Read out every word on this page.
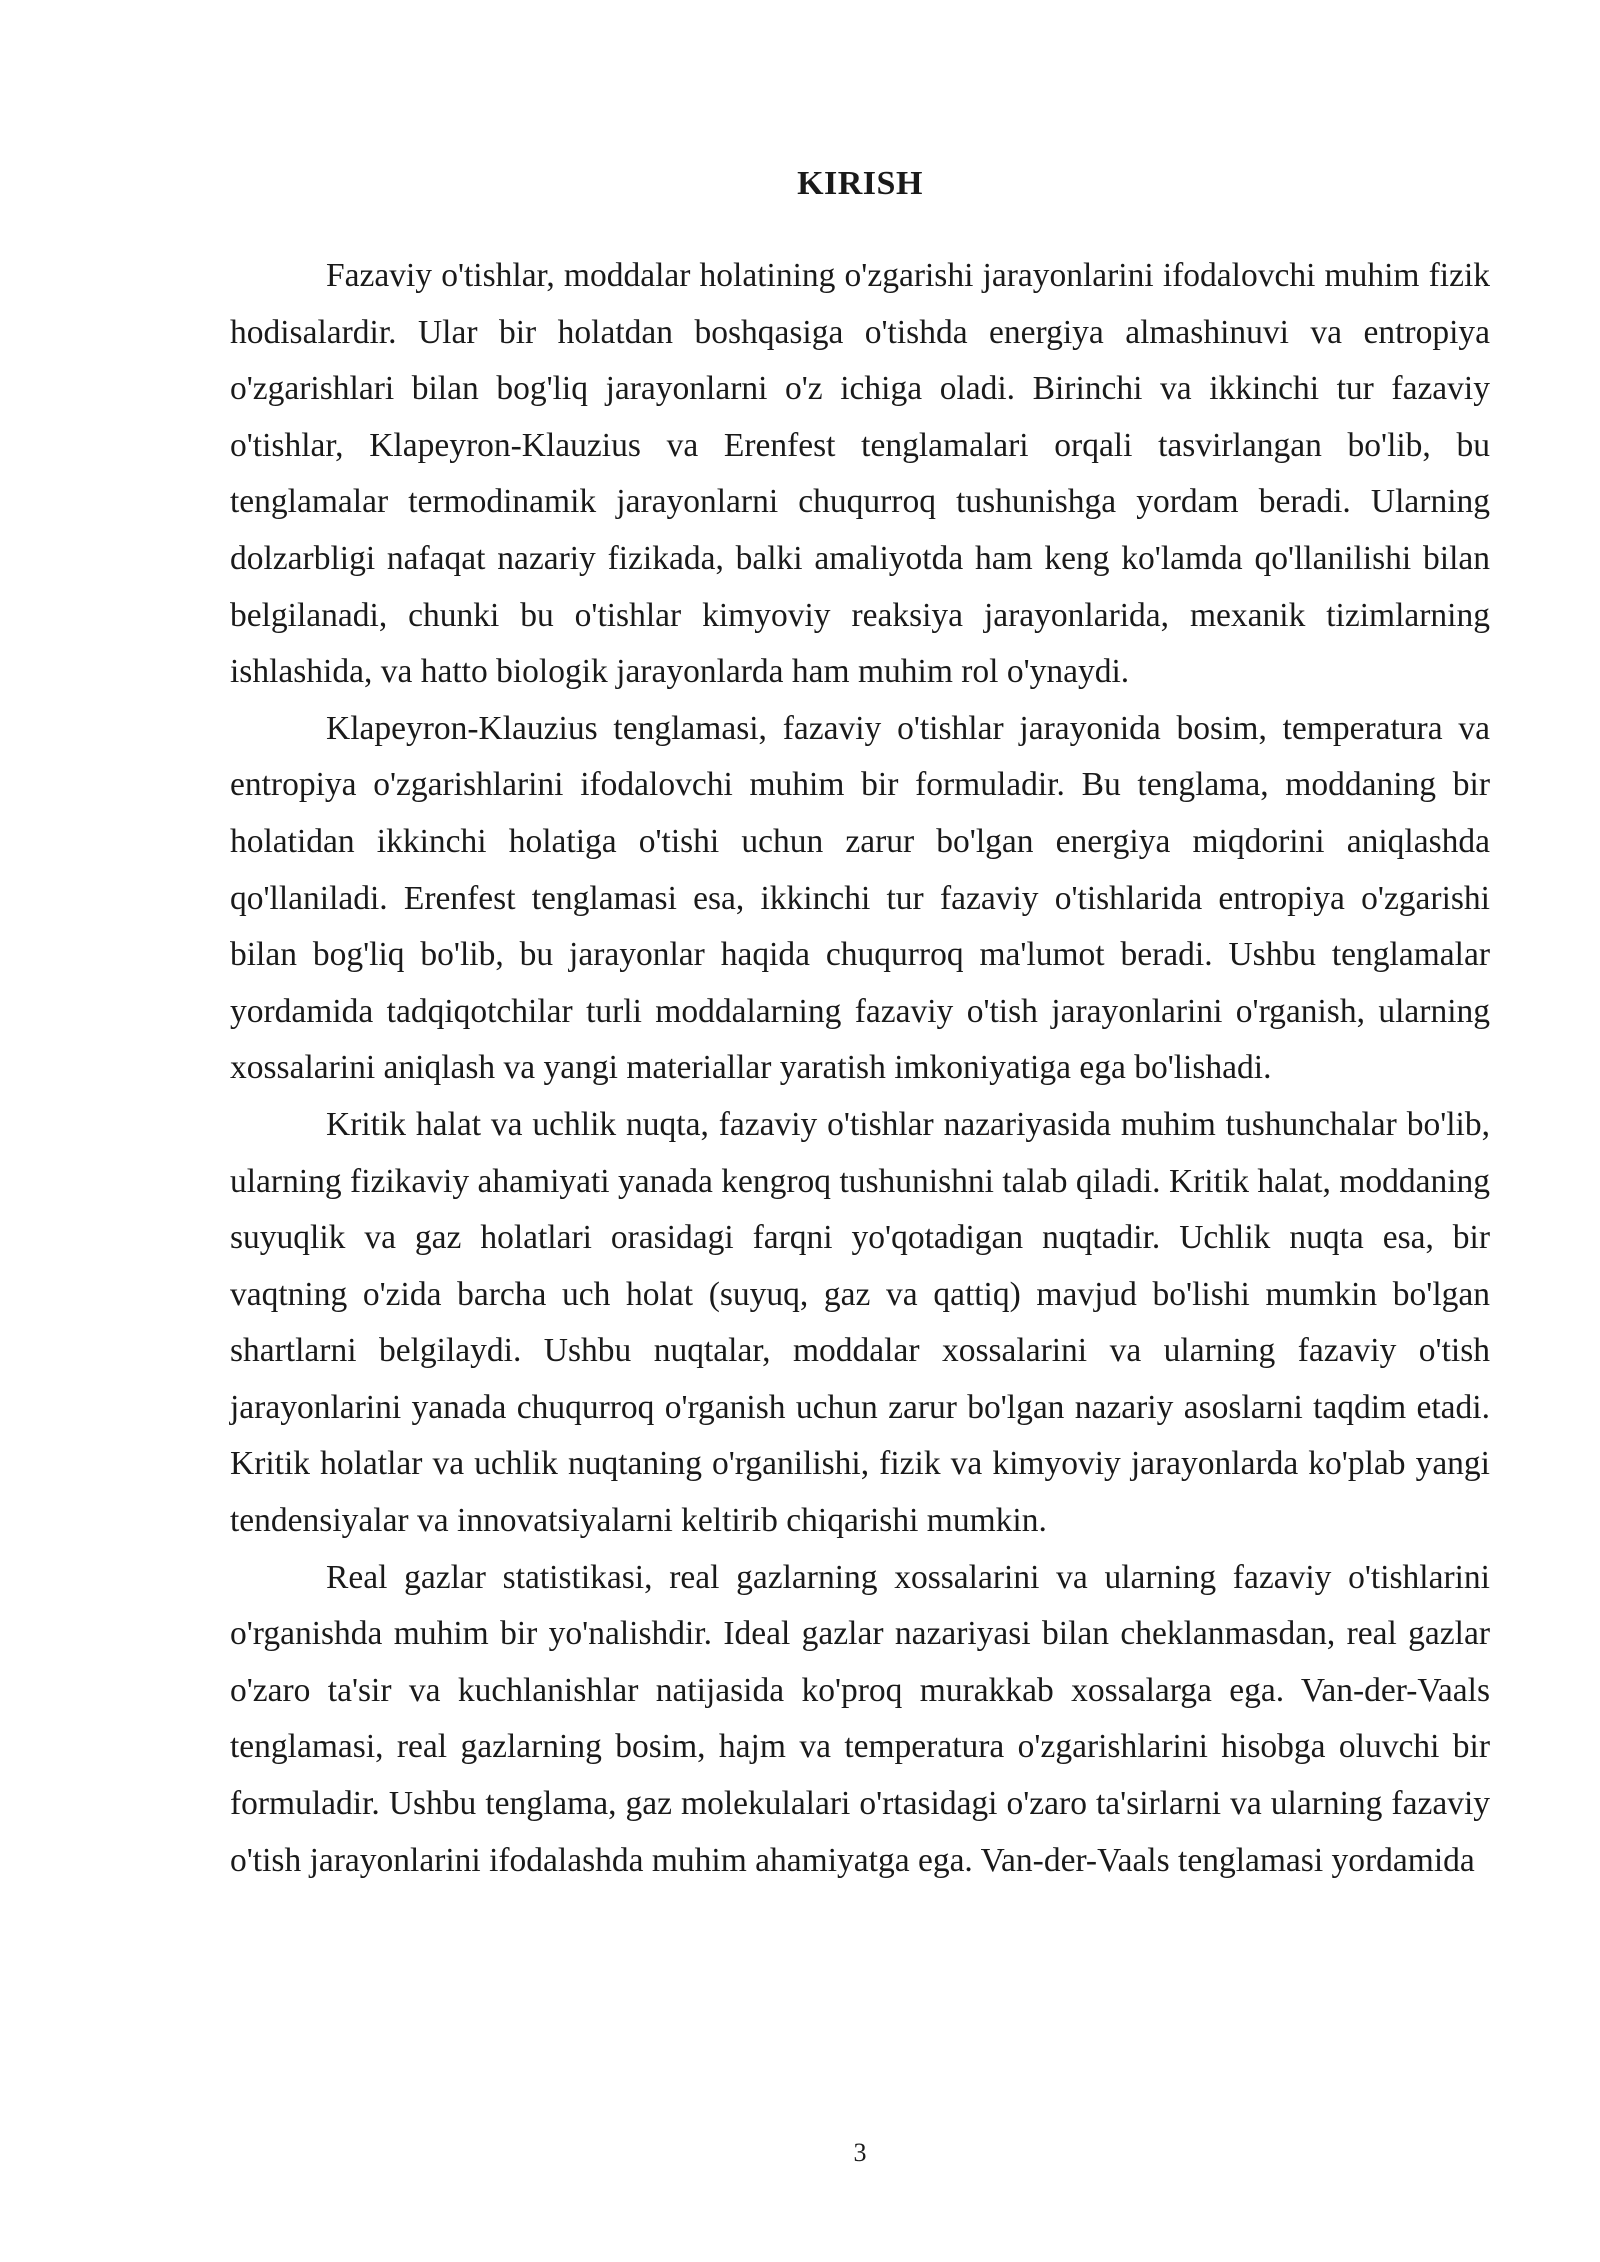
KIRISH

Fazaviy o'tishlar, moddalar holatining o'zgarishi jarayonlarini ifodalovchi muhim fizik hodisalardir. Ular bir holatdan boshqasiga o'tishda energiya almashinuvi va entropiya o'zgarishlari bilan bog'liq jarayonlarni o'z ichiga oladi. Birinchi va ikkinchi tur fazaviy o'tishlar, Klapeyron-Klauzius va Erenfest tenglamalari orqali tasvirlangan bo'lib, bu tenglamalar termodinamik jarayonlarni chuqurroq tushunishga yordam beradi. Ularning dolzarbligi nafaqat nazariy fizikada, balki amaliyotda ham keng ko'lamda qo'llanilishi bilan belgilanadi, chunki bu o'tishlar kimyoviy reaksiya jarayonlarida, mexanik tizimlarning ishlashida, va hatto biologik jarayonlarda ham muhim rol o'ynaydi.

Klapeyron-Klauzius tenglamasi, fazaviy o'tishlar jarayonida bosim, temperatura va entropiya o'zgarishlarini ifodalovchi muhim bir formuladir. Bu tenglama, moddaning bir holatidan ikkinchi holatiga o'tishi uchun zarur bo'lgan energiya miqdorini aniqlashda qo'llaniladi. Erenfest tenglamasi esa, ikkinchi tur fazaviy o'tishlarida entropiya o'zgarishi bilan bog'liq bo'lib, bu jarayonlar haqida chuqurroq ma'lumot beradi. Ushbu tenglamalar yordamida tadqiqotchilar turli moddalarning fazaviy o'tish jarayonlarini o'rganish, ularning xossalarini aniqlash va yangi materiallar yaratish imkoniyatiga ega bo'lishadi.

Kritik halat va uchlik nuqta, fazaviy o'tishlar nazariyasida muhim tushunchalar bo'lib, ularning fizikaviy ahamiyati yanada kengroq tushunishni talab qiladi. Kritik halat, moddaning suyuqlik va gaz holatlari orasidagi farqni yo'qotadigan nuqtadir. Uchlik nuqta esa, bir vaqtning o'zida barcha uch holat (suyuq, gaz va qattiq) mavjud bo'lishi mumkin bo'lgan shartlarni belgilaydi. Ushbu nuqtalar, moddalar xossalarini va ularning fazaviy o'tish jarayonlarini yanada chuqurroq o'rganish uchun zarur bo'lgan nazariy asoslarni taqdim etadi. Kritik holatlar va uchlik nuqtaning o'rganilishi, fizik va kimyoviy jarayonlarda ko'plab yangi tendensiyalar va innovatsiyalarni keltirib chiqarishi mumkin.

Real gazlar statistikasi, real gazlarning xossalarini va ularning fazaviy o'tishlarini o'rganishda muhim bir yo'nalishdir. Ideal gazlar nazariyasi bilan cheklanmasdan, real gazlar o'zaro ta'sir va kuchlanishlar natijasida ko'proq murakkab xossalarga ega. Van-der-Vaals tenglamasi, real gazlarning bosim, hajm va temperatura o'zgarishlarini hisobga oluvchi bir formuladir. Ushbu tenglama, gaz molekulalari o'rtasidagi o'zaro ta'sirlarni va ularning fazaviy o'tish jarayonlarini ifodalashda muhim ahamiyatga ega. Van-der-Vaals tenglamasi yordamida

3
